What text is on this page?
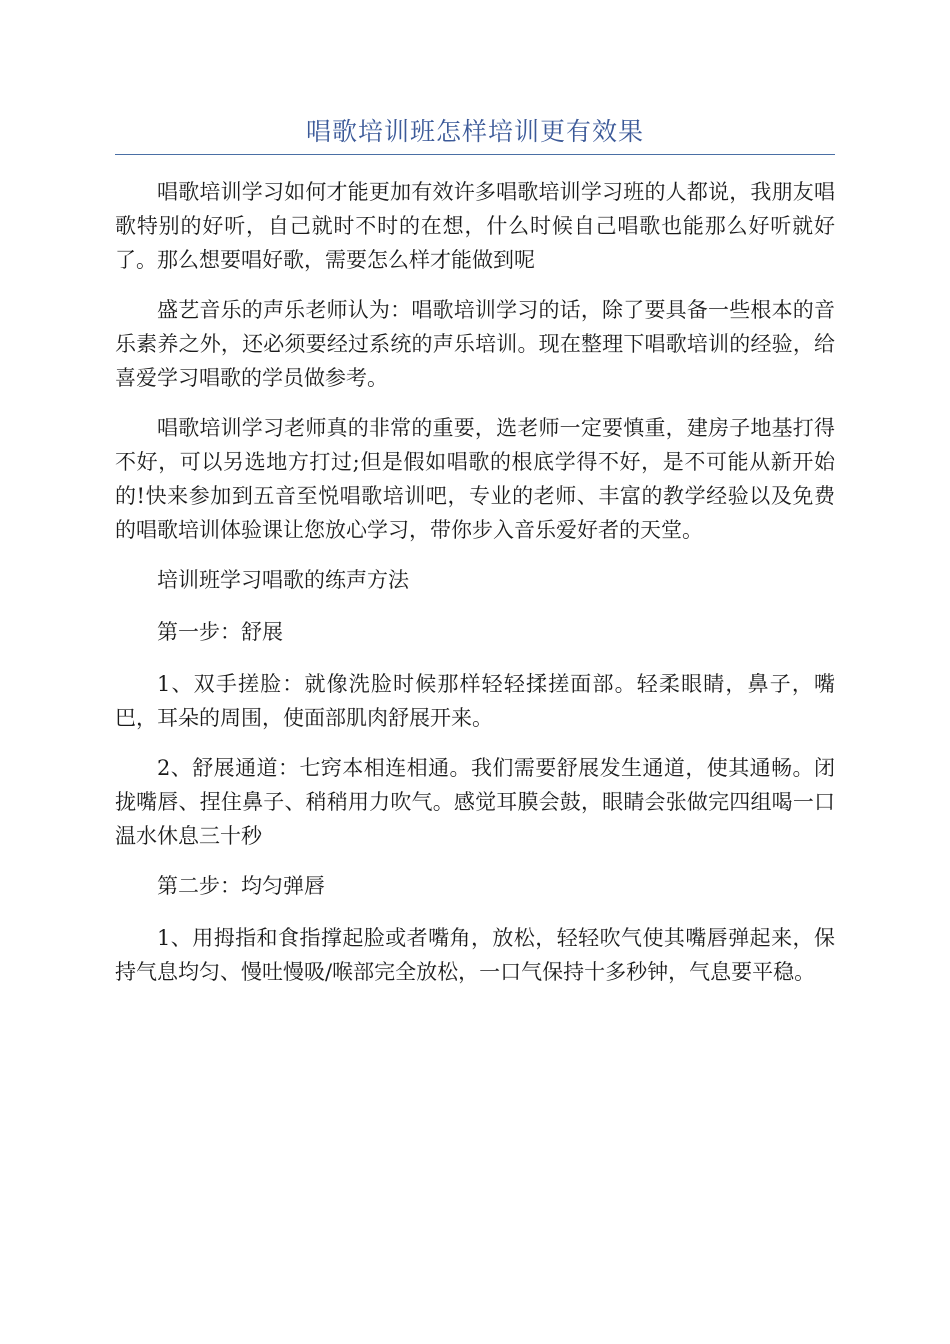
唱歌培训班怎样培训更有效果

唱歌培训学习如何才能更加有效许多唱歌培训学习班的人都说，我朋友唱歌特别的好听，自己就时不时的在想，什么时候自己唱歌也能那么好听就好了。那么想要唱好歌，需要怎么样才能做到呢

盛艺音乐的声乐老师认为：唱歌培训学习的话，除了要具备一些根本的音乐素养之外，还必须要经过系统的声乐培训。现在整理下唱歌培训的经验，给喜爱学习唱歌的学员做参考。

唱歌培训学习老师真的非常的重要，选老师一定要慎重，建房子地基打得不好，可以另选地方打过;但是假如唱歌的根底学得不好，是不可能从新开始的!快来参加到五音至悦唱歌培训吧，专业的老师、丰富的教学经验以及免费的唱歌培训体验课让您放心学习，带你步入音乐爱好者的天堂。

培训班学习唱歌的练声方法

第一步：舒展

1、双手搓脸：就像洗脸时候那样轻轻揉搓面部。轻柔眼睛，鼻子，嘴巴，耳朵的周围，使面部肌肉舒展开来。

2、舒展通道：七窍本相连相通。我们需要舒展发生通道，使其通畅。闭拢嘴唇、捏住鼻子、稍稍用力吹气。感觉耳膜会鼓，眼睛会张做完四组喝一口温水休息三十秒

第二步：均匀弹唇

1、用拇指和食指撑起脸或者嘴角，放松，轻轻吹气使其嘴唇弹起来，保持气息均匀、慢吐慢吸/喉部完全放松，一口气保持十多秒钟，气息要平稳。
